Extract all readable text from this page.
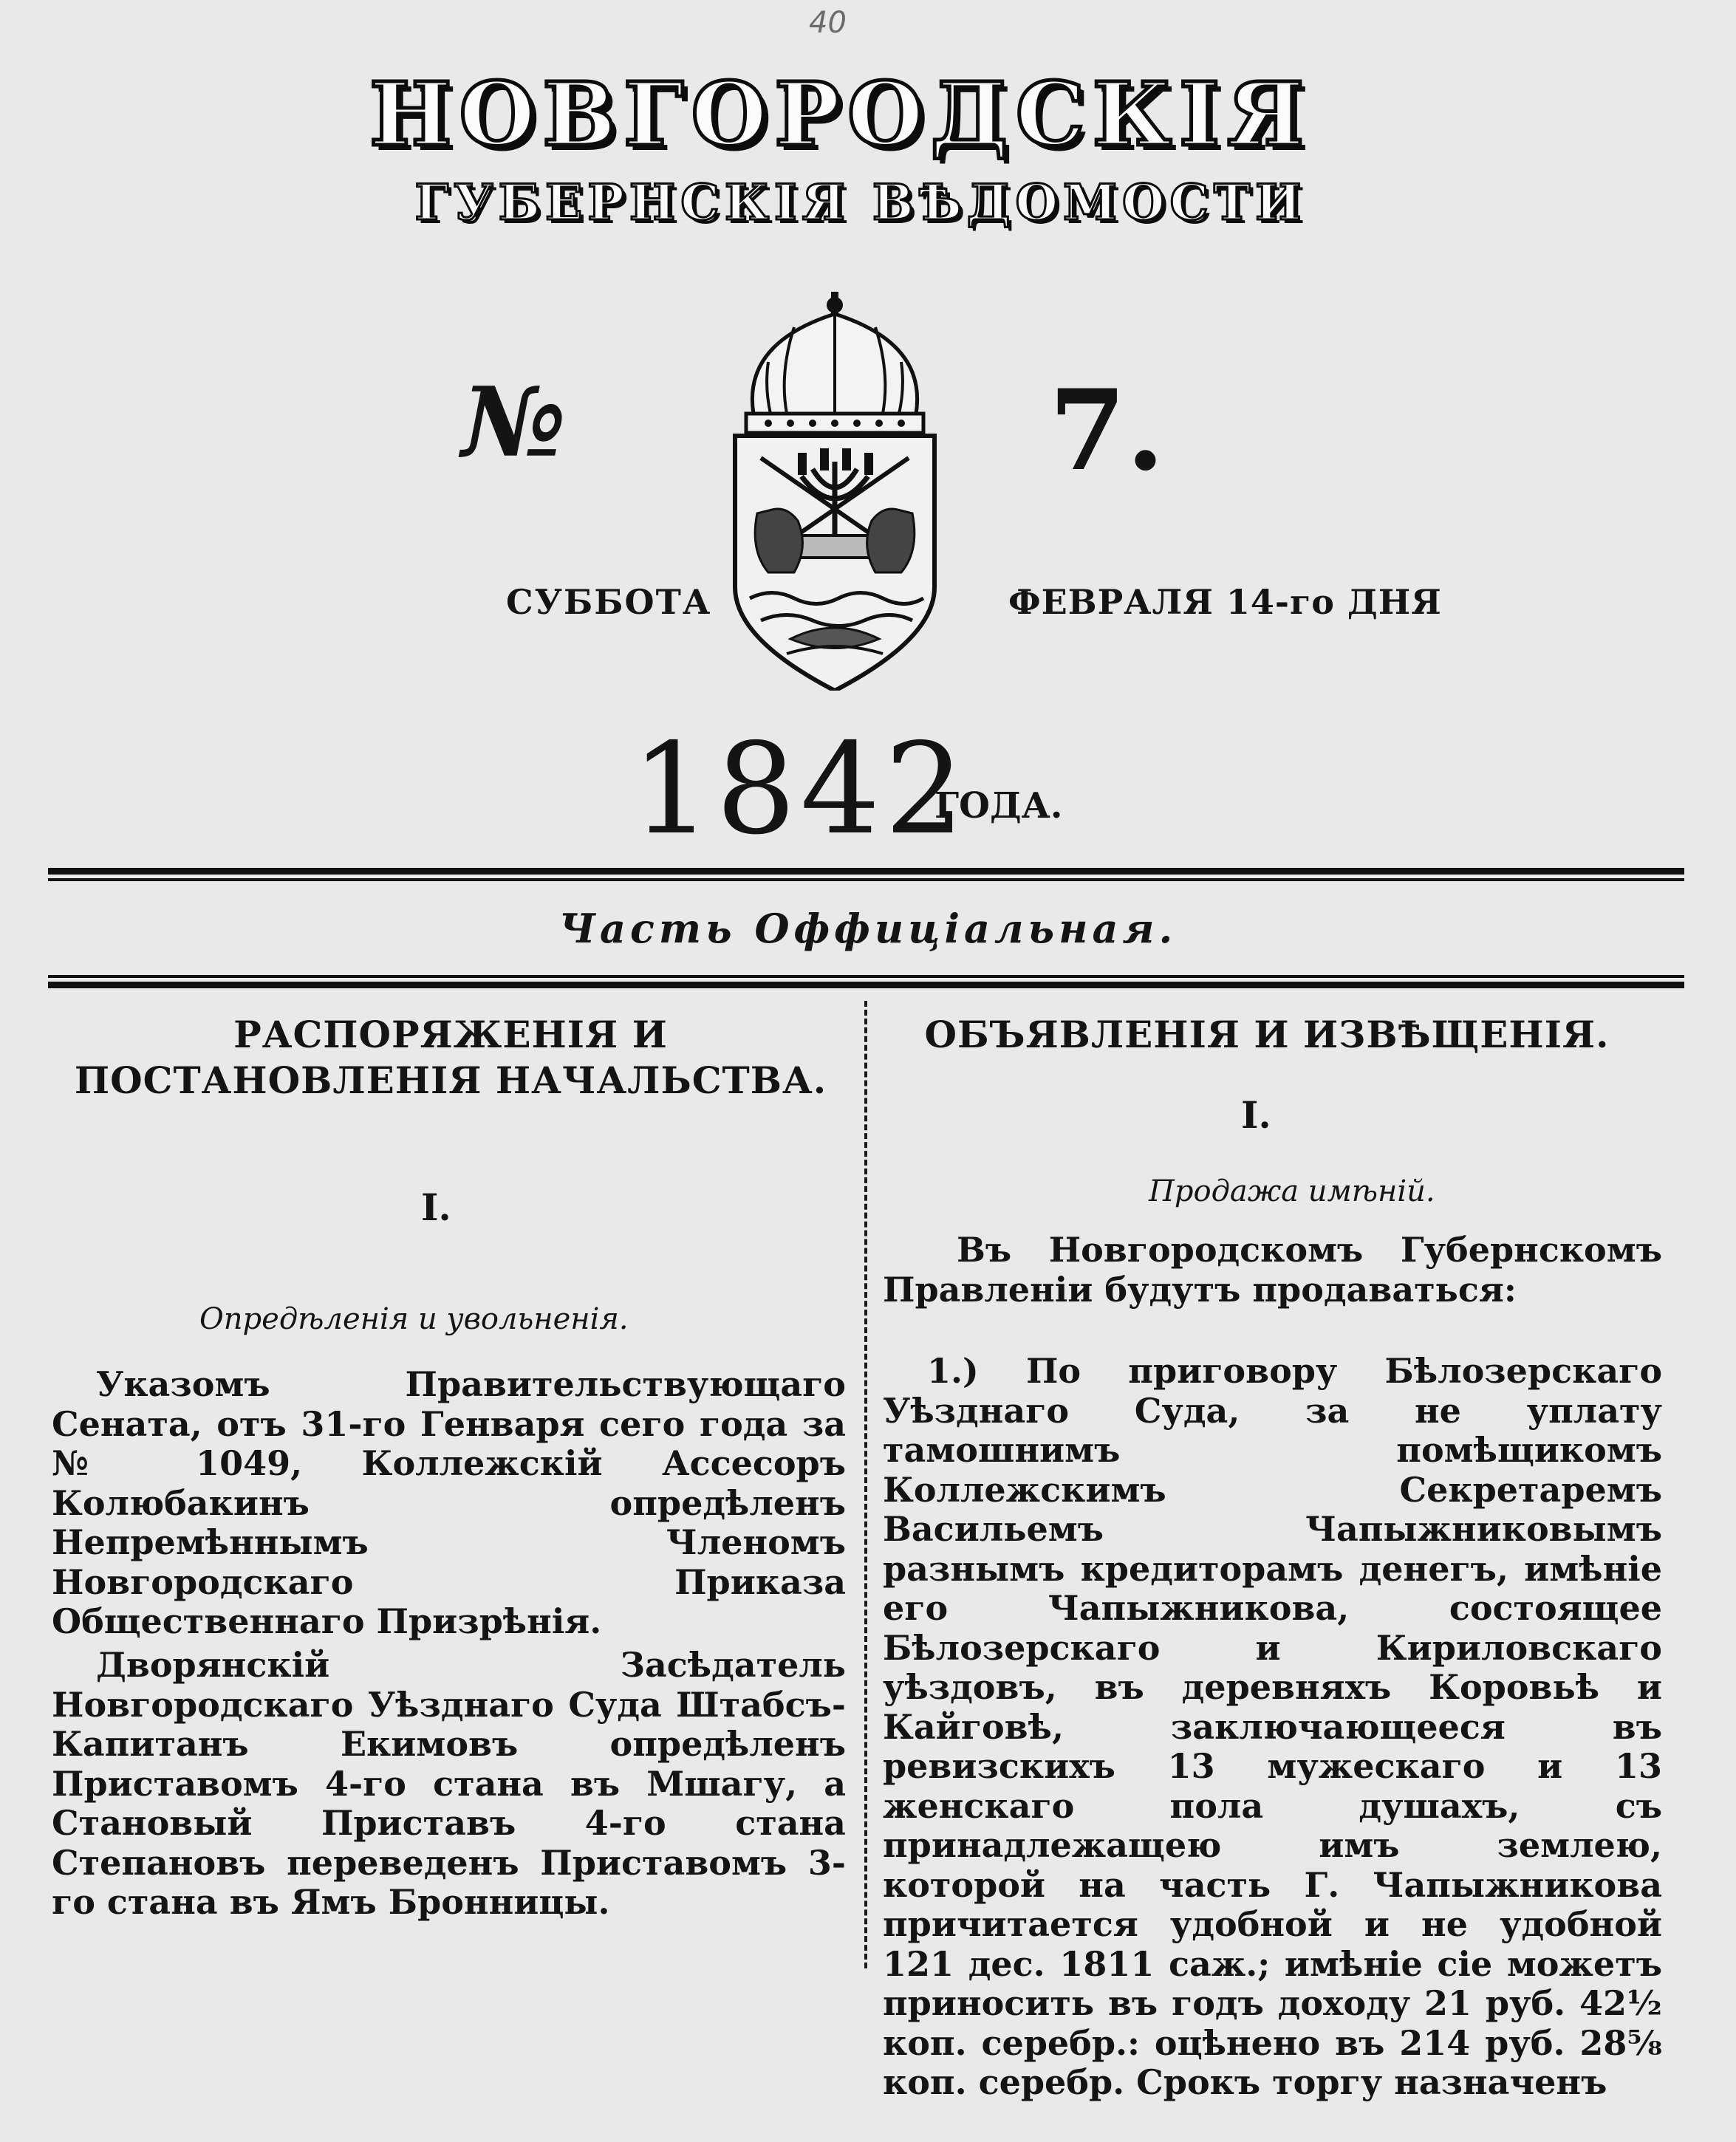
40
НОВГОРОДСКІЯ
ГУБЕРНСКІЯ ВѢДОМОСТИ
№	7.
СУББОТА	ФЕВРАЛЯ 14-го ДНЯ
1842
ГОДА.
Часть Оффиціальная.
РАСПОРЯЖЕНІЯ И ПОСТАНОВЛЕНІЯ НАЧАЛЬСТВА.
I.
Опредѣленія и увольненія.
Указомъ Правительствующаго Сената, отъ 31-го Генваря сего года за № 1049, Коллежскій Ассесоръ Колюбакинъ опредѣленъ Непремѣннымъ Членомъ Новгородскаго Приказа Общественнаго Призрѣнія.
Дворянскій Засѣдатель Новгородскаго Уѣзднаго Суда Штабсъ-Капитанъ Екимовъ опредѣленъ Приставомъ 4-го стана въ Мшагу, а Становый Приставъ 4-го стана Степановъ переведенъ Приставомъ 3-го стана въ Ямъ Бронницы.
ОБЪЯВЛЕНІЯ И ИЗВѢЩЕНІЯ.
I.
Продажа имѣній.
Въ Новгородскомъ Губернскомъ Правленіи будутъ продаваться:
1.) По приговору Бѣлозерскаго Уѣзднаго Суда, за не уплату тамошнимъ помѣщикомъ Коллежскимъ Секретаремъ Васильемъ Чапыжниковымъ разнымъ кредиторамъ денегъ, имѣніе его Чапыжникова, состоящее Бѣлозерскаго и Кириловскаго уѣздовъ, въ деревняхъ Коровьѣ и Кайговѣ, заключающееся въ ревизскихъ 13 мужескаго и 13 женскаго пола душахъ, съ принадлежащею имъ землею, которой на часть Г. Чапыжникова причитается удобной и не удобной 121 дес. 1811 саж.; имѣніе сіе можетъ приносить въ годъ доходу 21 руб. 42½ коп. серебр.: оцѣнено въ 214 руб. 28⅝ коп. серебр. Срокъ торгу назначенъ
